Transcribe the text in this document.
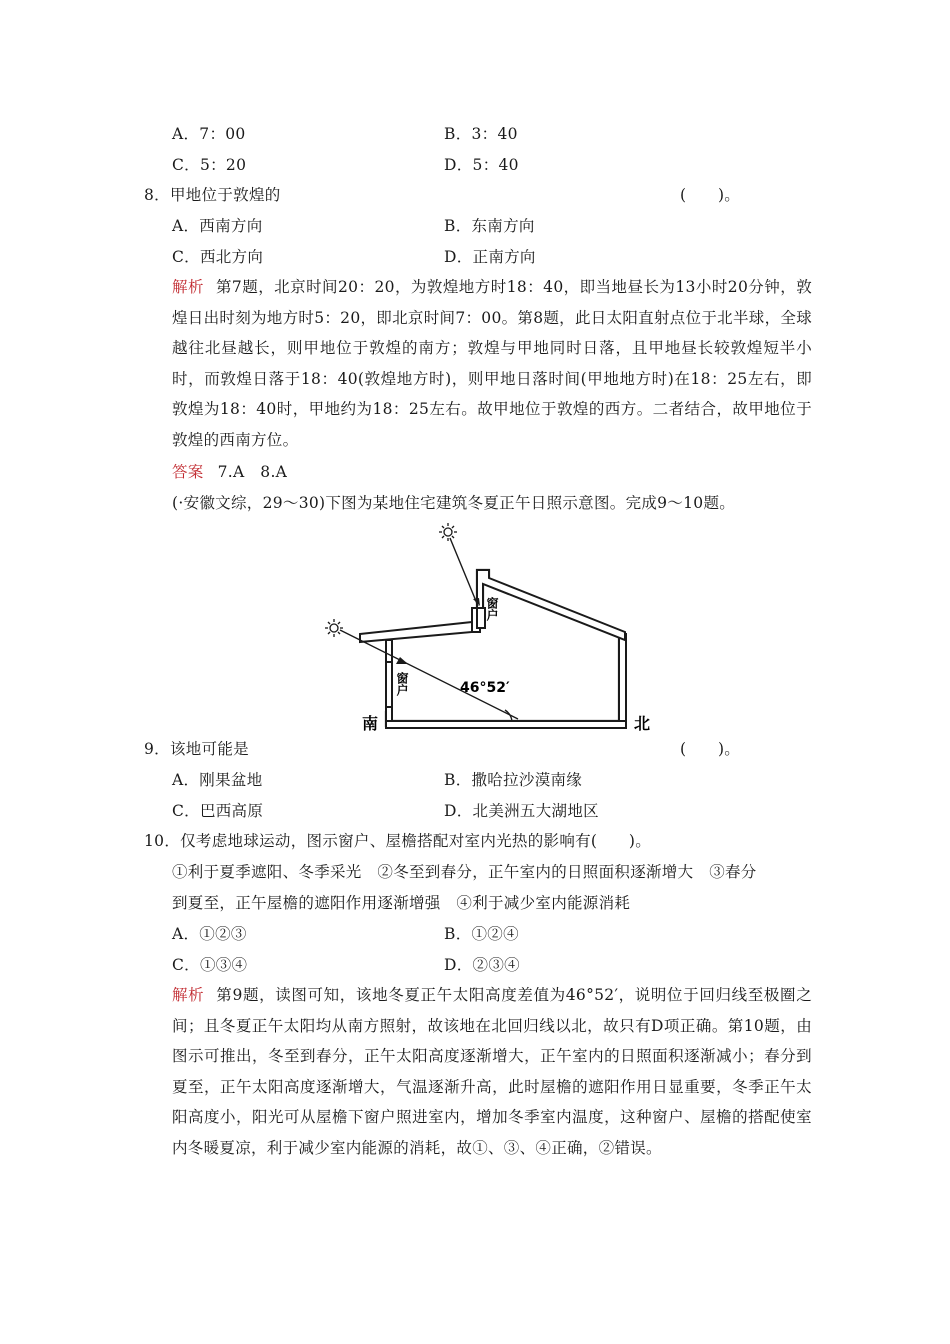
A．7：00	B．3：40
C．5：20	D．5：40
8．甲地位于敦煌的	(　　)。
A．西南方向	B．东南方向
C．西北方向	D．正南方向
解析 第7题，北京时间20：20，为敦煌地方时18：40，即当地昼长为13小时20分钟，敦煌日出时刻为地方时5：20，即北京时间7：00。第8题，此日太阳直射点位于北半球，全球越往北昼越长，则甲地位于敦煌的南方；敦煌与甲地同时日落，且甲地昼长较敦煌短半小时，而敦煌日落于18：40(敦煌地方时)，则甲地日落时间(甲地地方时)在18：25左右，即敦煌为18：40时，甲地约为18：25左右。故甲地位于敦煌的西方。二者结合，故甲地位于敦煌的西南方位。
答案 7.A　8.A
(·安徽文综，29～30)下图为某地住宅建筑冬夏正午日照示意图。完成9～10题。
窗户
窗户	46°52′
南	北
9．该地可能是	(　　)。
A．刚果盆地	B．撒哈拉沙漠南缘
C．巴西高原	D．北美洲五大湖地区
10．仅考虑地球运动，图示窗户、屋檐搭配对室内光热的影响有(　　)。
①利于夏季遮阳、冬季采光　②冬至到春分，正午室内的日照面积逐渐增大　③春分
到夏至，正午屋檐的遮阳作用逐渐增强　④利于减少室内能源消耗
A．①②③	B．①②④
C．①③④	D．②③④
解析 第9题，读图可知，该地冬夏正午太阳高度差值为46°52′，说明位于回归线至极圈之间；且冬夏正午太阳均从南方照射，故该地在北回归线以北，故只有D项正确。第10题，由图示可推出，冬至到春分，正午太阳高度逐渐增大，正午室内的日照面积逐渐减小；春分到夏至，正午太阳高度逐渐增大，气温逐渐升高，此时屋檐的遮阳作用日显重要，冬季正午太阳高度小，阳光可从屋檐下窗户照进室内，增加冬季室内温度，这种窗户、屋檐的搭配使室内冬暖夏凉，利于减少室内能源的消耗，故①、③、④正确，②错误。
